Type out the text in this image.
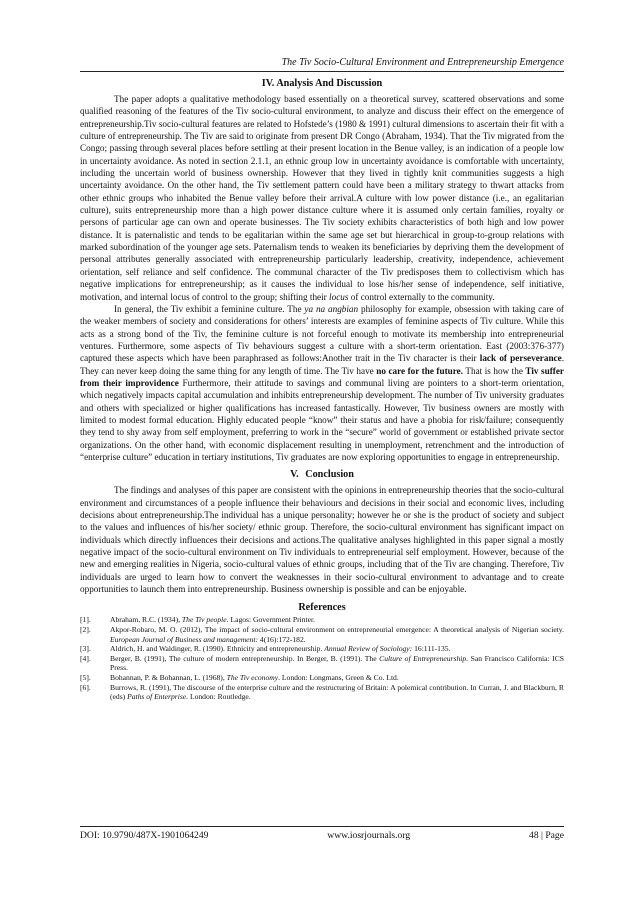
The Tiv Socio-Cultural Environment and Entrepreneurship Emergence
IV. Analysis And Discussion

The paper adopts a qualitative methodology based essentially on a theoretical survey, scattered observations and some qualified reasoning of the features of the Tiv socio-cultural environment, to analyze and discuss their effect on the emergence of entrepreneurship.Tiv socio-cultural features are related to Hofstede’s (1980 & 1991) cultural dimensions to ascertain their fit with a culture of entrepreneurship. The Tiv are said to originate from present DR Congo (Abraham, 1934). That the Tiv migrated from the Congo; passing through several places before settling at their present location in the Benue valley, is an indication of a people low in uncertainty avoidance. As noted in section 2.1.1, an ethnic group low in uncertainty avoidance is comfortable with uncertainty, including the uncertain world of business ownership. However that they lived in tightly knit communities suggests a high uncertainty avoidance. On the other hand, the Tiv settlement pattern could have been a military strategy to thwart attacks from other ethnic groups who inhabited the Benue valley before their arrival.A culture with low power distance (i.e., an egalitarian culture), suits entrepreneurship more than a high power distance culture where it is assumed only certain families, royalty or persons of particular age can own and operate businesses. The Tiv society exhibits characteristics of both high and low power distance. It is paternalistic and tends to be egalitarian within the same age set but hierarchical in group-to-group relations with marked subordination of the younger age sets. Paternalism tends to weaken its beneficiaries by depriving them the development of personal attributes generally associated with entrepreneurship particularly leadership, creativity, independence, achievement orientation, self reliance and self confidence. The communal character of the Tiv predisposes them to collectivism which has negative implications for entrepreneurship; as it causes the individual to lose his/her sense of independence, self initiative, motivation, and internal locus of control to the group; shifting their locus of control externally to the community.

In general, the Tiv exhibit a feminine culture. The ya na angbian philosophy for example, obsession with taking care of the weaker members of society and considerations for others’ interests are examples of feminine aspects of Tiv culture. While this acts as a strong bond of the Tiv, the feminine culture is not forceful enough to motivate its membership into entrepreneurial ventures. Furthermore, some aspects of Tiv behaviours suggest a culture with a short-term orientation. East (2003:376-377) captured these aspects which have been paraphrased as follows:Another trait in the Tiv character is their lack of perseverance. They can never keep doing the same thing for any length of time. The Tiv have no care for the future. That is how the Tiv suffer from their improvidence Furthermore, their attitude to savings and communal living are pointers to a short-term orientation, which negatively impacts capital accumulation and inhibits entrepreneurship development. The number of Tiv university graduates and others with specialized or higher qualifications has increased fantastically. However, Tiv business owners are mostly with limited to modest formal education. Highly educated people “know” their status and have a phobia for risk/failure; consequently they tend to shy away from self employment, preferring to work in the “secure” world of government or established private sector organizations. On the other hand, with economic displacement resulting in unemployment, retrenchment and the introduction of “enterprise culture” education in tertiary institutions, Tiv graduates are now exploring opportunities to engage in entrepreneurship.

V. Conclusion

The findings and analyses of this paper are consistent with the opinions in entrepreneurship theories that the socio-cultural environment and circumstances of a people influence their behaviours and decisions in their social and economic lives, including decisions about entrepreneurship.The individual has a unique personality; however he or she is the product of society and subject to the values and influences of his/her society/ ethnic group. Therefore, the socio-cultural environment has significant impact on individuals which directly influences their decisions and actions.The qualitative analyses highlighted in this paper signal a mostly negative impact of the socio-cultural environment on Tiv individuals to entrepreneurial self employment. However, because of the new and emerging realities in Nigeria, socio-cultural values of ethnic groups, including that of the Tiv are changing. Therefore, Tiv individuals are urged to learn how to convert the weaknesses in their socio-cultural environment to advantage and to create opportunities to launch them into entrepreneurship. Business ownership is possible and can be enjoyable.

References
[1].	Abraham, R.C. (1934), The Tiv people. Lagos: Government Printer.
[2].	Akpor-Robaro, M. O. (2012), The impact of socio-cultural environment on entrepreneurial emergence: A theoretical analysis of Nigerian society. European Journal of Business and management: 4(16):172-182.
[3].	Aldrich, H. and Waldinger, R. (1990). Ethnicity and entrepreneurship. Annual Review of Sociology: 16:111-135.
[4].	Berger, B. (1991), The culture of modern entrepreneurship. In Berger, B. (1991). The Culture of Entrepreneurship. San Francisco California: ICS Press.
[5].	Bohannan, P. & Bohannan, L. (1968), The Tiv economy. London: Longmans, Green & Co. Ltd.
[6].	Burrows, R. (1991), The discourse of the enterprise culture and the restructuring of Britain: A polemical contribution. In Curran, J. and Blackburn, R (eds) Paths of Enterprise. London: Routledge.
DOI: 10.9790/487X-1901064249	www.iosrjournals.org	48 | Page
